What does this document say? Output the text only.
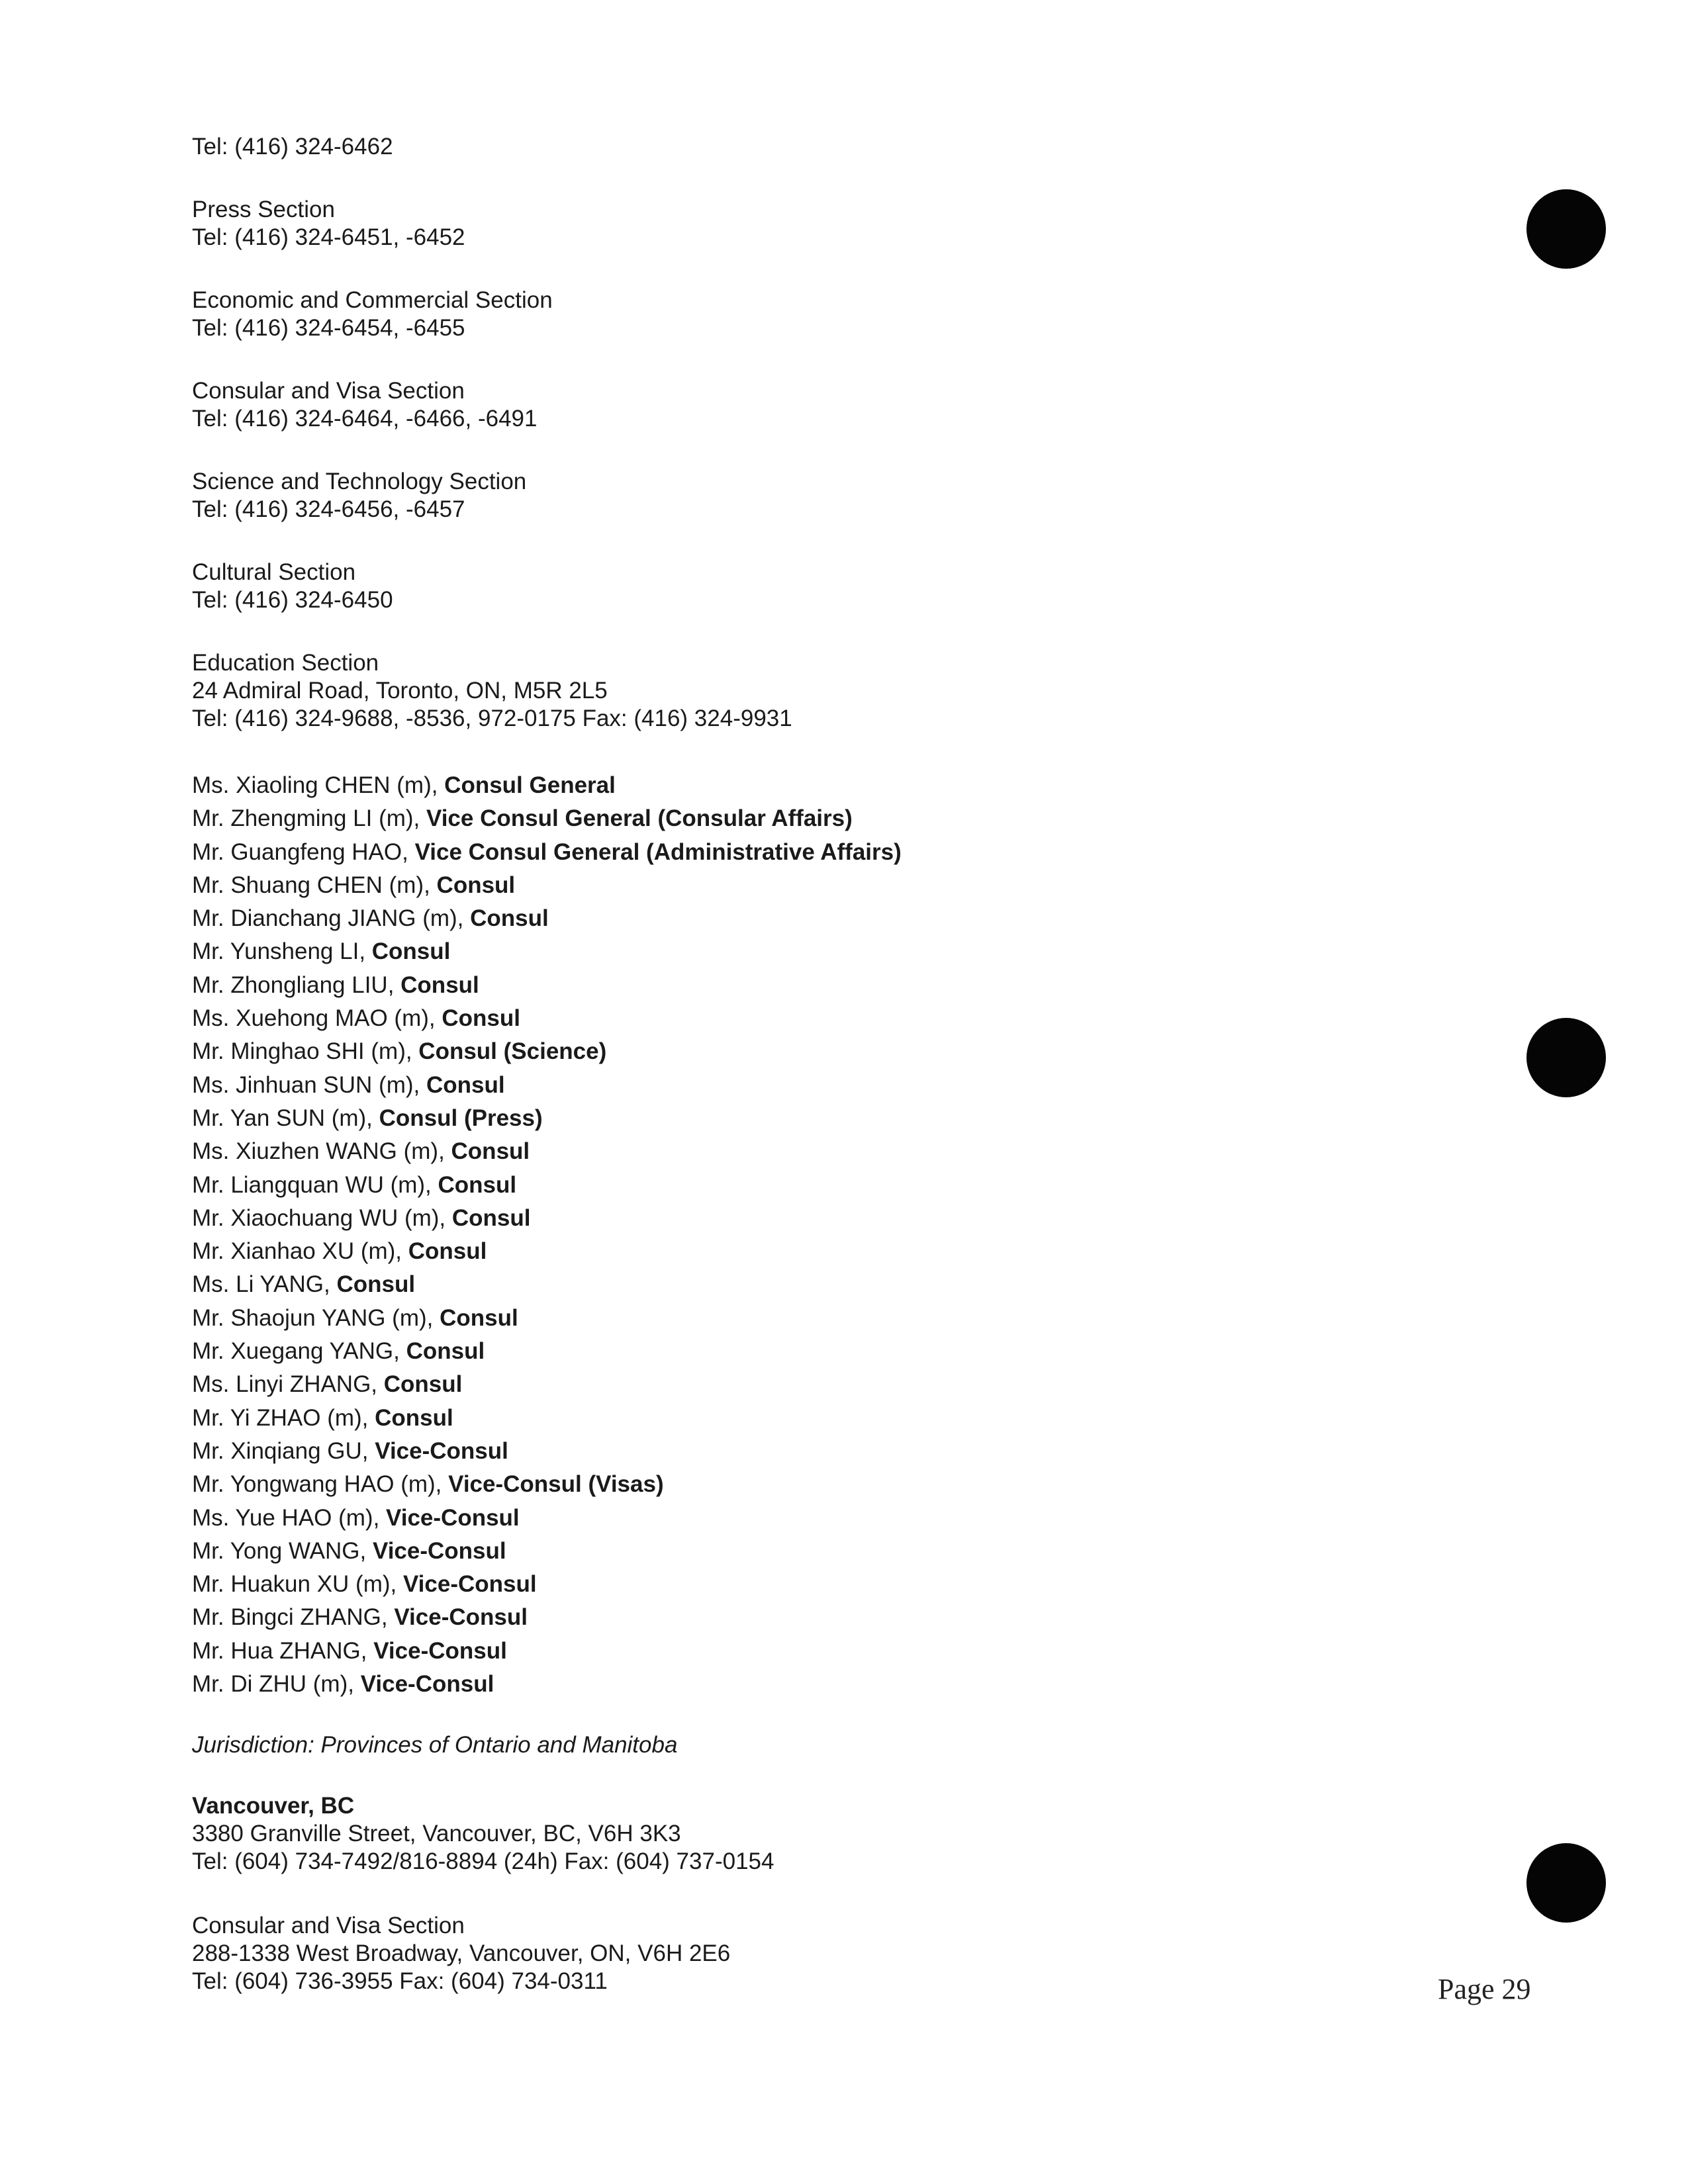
Tel: (416) 324-6462
Press Section
Tel: (416) 324-6451, -6452
Economic and Commercial Section
Tel: (416) 324-6454, -6455
Consular and Visa Section
Tel: (416) 324-6464, -6466, -6491
Science and Technology Section
Tel: (416) 324-6456, -6457
Cultural Section
Tel: (416) 324-6450
Education Section
24 Admiral Road, Toronto, ON, M5R 2L5
Tel: (416) 324-9688, -8536, 972-0175 Fax: (416) 324-9931
Ms. Xiaoling CHEN (m), Consul General
Mr. Zhengming LI (m), Vice Consul General (Consular Affairs)
Mr. Guangfeng HAO, Vice Consul General (Administrative Affairs)
Mr. Shuang CHEN (m), Consul
Mr. Dianchang JIANG (m), Consul
Mr. Yunsheng LI, Consul
Mr. Zhongliang LIU, Consul
Ms. Xuehong MAO (m), Consul
Mr. Minghao SHI (m), Consul (Science)
Ms. Jinhuan SUN (m), Consul
Mr. Yan SUN (m), Consul (Press)
Ms. Xiuzhen WANG (m), Consul
Mr. Liangquan WU (m), Consul
Mr. Xiaochuang WU (m), Consul
Mr. Xianhao XU (m), Consul
Ms. Li YANG, Consul
Mr. Shaojun YANG (m), Consul
Mr. Xuegang YANG, Consul
Ms. Linyi ZHANG, Consul
Mr. Yi ZHAO (m), Consul
Mr. Xinqiang GU, Vice-Consul
Mr. Yongwang HAO (m), Vice-Consul (Visas)
Ms. Yue HAO (m), Vice-Consul
Mr. Yong WANG, Vice-Consul
Mr. Huakun XU (m), Vice-Consul
Mr. Bingci ZHANG, Vice-Consul
Mr. Hua ZHANG, Vice-Consul
Mr. Di ZHU (m), Vice-Consul
Jurisdiction: Provinces of Ontario and Manitoba
Vancouver, BC
3380 Granville Street, Vancouver, BC, V6H 3K3
Tel: (604) 734-7492/816-8894 (24h) Fax: (604) 737-0154
Consular and Visa Section
288-1338 West Broadway, Vancouver, ON, V6H 2E6
Tel: (604) 736-3955 Fax: (604) 734-0311	Page 29
